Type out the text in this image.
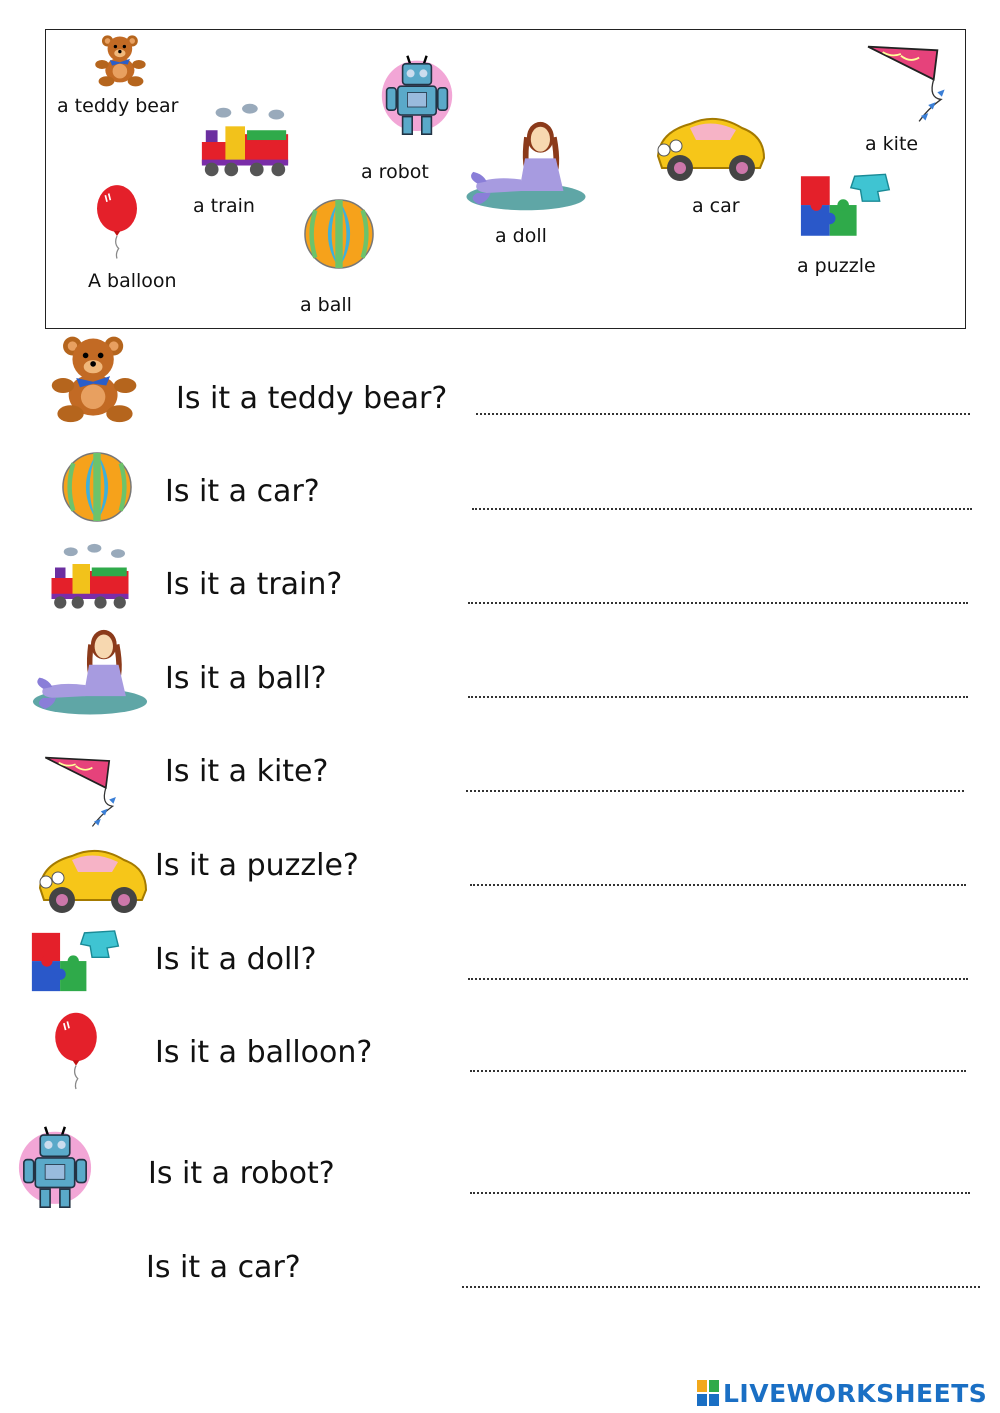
a teddy bear
a train
a robot
a doll
a car
a kite
A balloon
a ball
a puzzle
Is it a teddy bear?
Is it a car?
Is it a train?
Is it a ball?
Is it a kite?
Is it a puzzle?
Is it a doll?
Is it a balloon?
Is it a robot?
Is it a car?
LIVEWORKSHEETS
